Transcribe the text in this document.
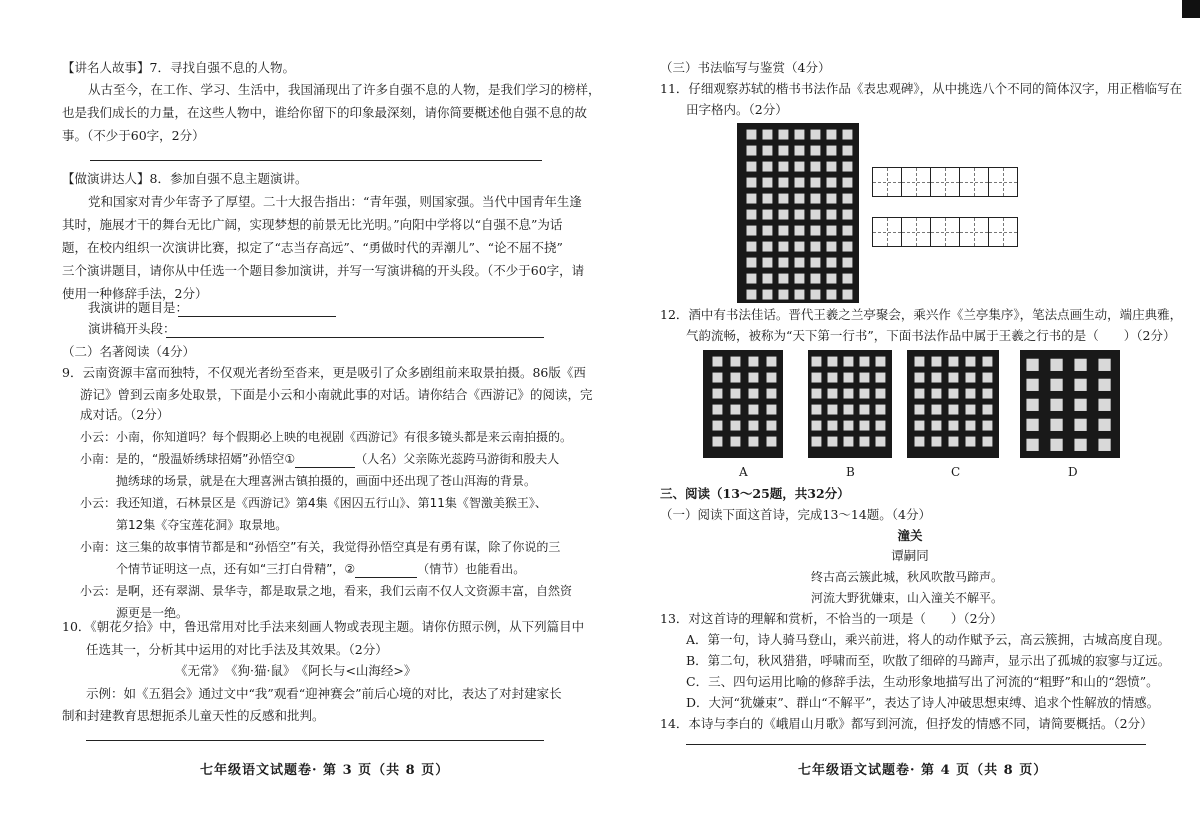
【讲名人故事】7．寻找自强不息的人物。
从古至今，在工作、学习、生活中，我国涌现出了许多自强不息的人物，是我们学习的榜样，
也是我们成长的力量，在这些人物中，谁给你留下的印象最深刻，请你简要概述他自强不息的故
事。（不少于60字，2分）
【做演讲达人】8．参加自强不息主题演讲。
党和国家对青少年寄予了厚望。二十大报告指出：“青年强，则国家强。当代中国青年生逢
其时，施展才干的舞台无比广阔，实现梦想的前景无比光明。”向阳中学将以“自强不息”为话
题，在校内组织一次演讲比赛，拟定了“志当存高远”、“勇做时代的弄潮儿”、“论不屈不挠”
三个演讲题目，请你从中任选一个题目参加演讲，并写一写演讲稿的开头段。（不少于60字，请
使用一种修辞手法，2分）
我演讲的题目是：
演讲稿开头段：
（二）名著阅读（4分）
9．云南资源丰富而独特，不仅观光者纷至沓来，更是吸引了众多剧组前来取景拍摄。86版《西
游记》曾到云南多处取景，下面是小云和小南就此事的对话。请你结合《西游记》的阅读，完
成对话。（2分）
小云：小南，你知道吗？每个假期必上映的电视剧《西游记》有很多镜头都是来云南拍摄的。
小南：是的，“殷温娇绣球招婿”孙悟空①	（人名）父亲陈光蕊跨马游街和殷夫人
抛绣球的场景，就是在大理喜洲古镇拍摄的，画面中还出现了苍山洱海的背景。
小云：我还知道，石林景区是《西游记》第4集《困囚五行山》、第11集《智激美猴王》、
第12集《夺宝莲花洞》取景地。
小南：这三集的故事情节都是和“孙悟空”有关，我觉得孙悟空真是有勇有谋，除了你说的三
个情节证明这一点，还有如“三打白骨精”，②	（情节）也能看出。
小云：是啊，还有翠湖、景华寺，都是取景之地，看来，我们云南不仅人文资源丰富，自然资
源更是一绝。
10．《朝花夕拾》中，鲁迅常用对比手法来刻画人物或表现主题。请你仿照示例，从下列篇目中
任选其一，分析其中运用的对比手法及其效果。（2分）
《无常》　《狗·猫·鼠》　《阿长与<山海经>》
示例：如《五猖会》通过文中“我”观看“迎神赛会”前后心境的对比，表达了对封建家长
制和封建教育思想扼杀儿童天性的反感和批判。
七年级语文试题卷· 第 3 页（共 8 页）
（三）书法临写与鉴赏（4分）
11．仔细观察苏轼的楷书书法作品《表忠观碑》，从中挑选八个不同的简体汉字，用正楷临写在
田字格内。（2分）
■■■■■■■■■■■
■■■■■■■■■■■
■■■■■■■■■■■
■■■■■■■■■■■
■■■■■■■■■■■
■■■■■■■■■■■
■■■■■■■■■■■
12．酒中有书法佳话。晋代王羲之兰亭聚会，乘兴作《兰亭集序》，笔法点画生动，端庄典雅，
气韵流畅，被称为“天下第一行书”，下面书法作品中属于王羲之行书的是（　　）（2分）
■■■■■■
■■■■■■
■■■■■■
■■■■■■	■■■■■■
■■■■■■
■■■■■■
■■■■■■
■■■■■■	■■■■■■
■■■■■■
■■■■■■
■■■■■■
■■■■■■	■■■■■
■■■■■
■■■■■
■■■■■
A	B	C	D
三、阅读（13～25题，共32分）
（一）阅读下面这首诗，完成13～14题。（4分）
潼关
谭嗣同
终古高云簇此城，秋风吹散马蹄声。
河流大野犹嫌束，山入潼关不解平。
13．对这首诗的理解和赏析，不恰当的一项是（　　）（2分）
A．第一句，诗人骑马登山，乘兴前进，将人的动作赋予云，高云簇拥，古城高度自现。
B．第二句，秋风猎猎，呼啸而至，吹散了细碎的马蹄声，显示出了孤城的寂寥与辽远。
C．三、四句运用比喻的修辞手法，生动形象地描写出了河流的“粗野”和山的“怨愤”。
D．大河“犹嫌束”、群山“不解平”，表达了诗人冲破思想束缚、追求个性解放的情感。
14．本诗与李白的《峨眉山月歌》都写到河流，但抒发的情感不同，请简要概括。（2分）
七年级语文试题卷· 第 4 页（共 8 页）
